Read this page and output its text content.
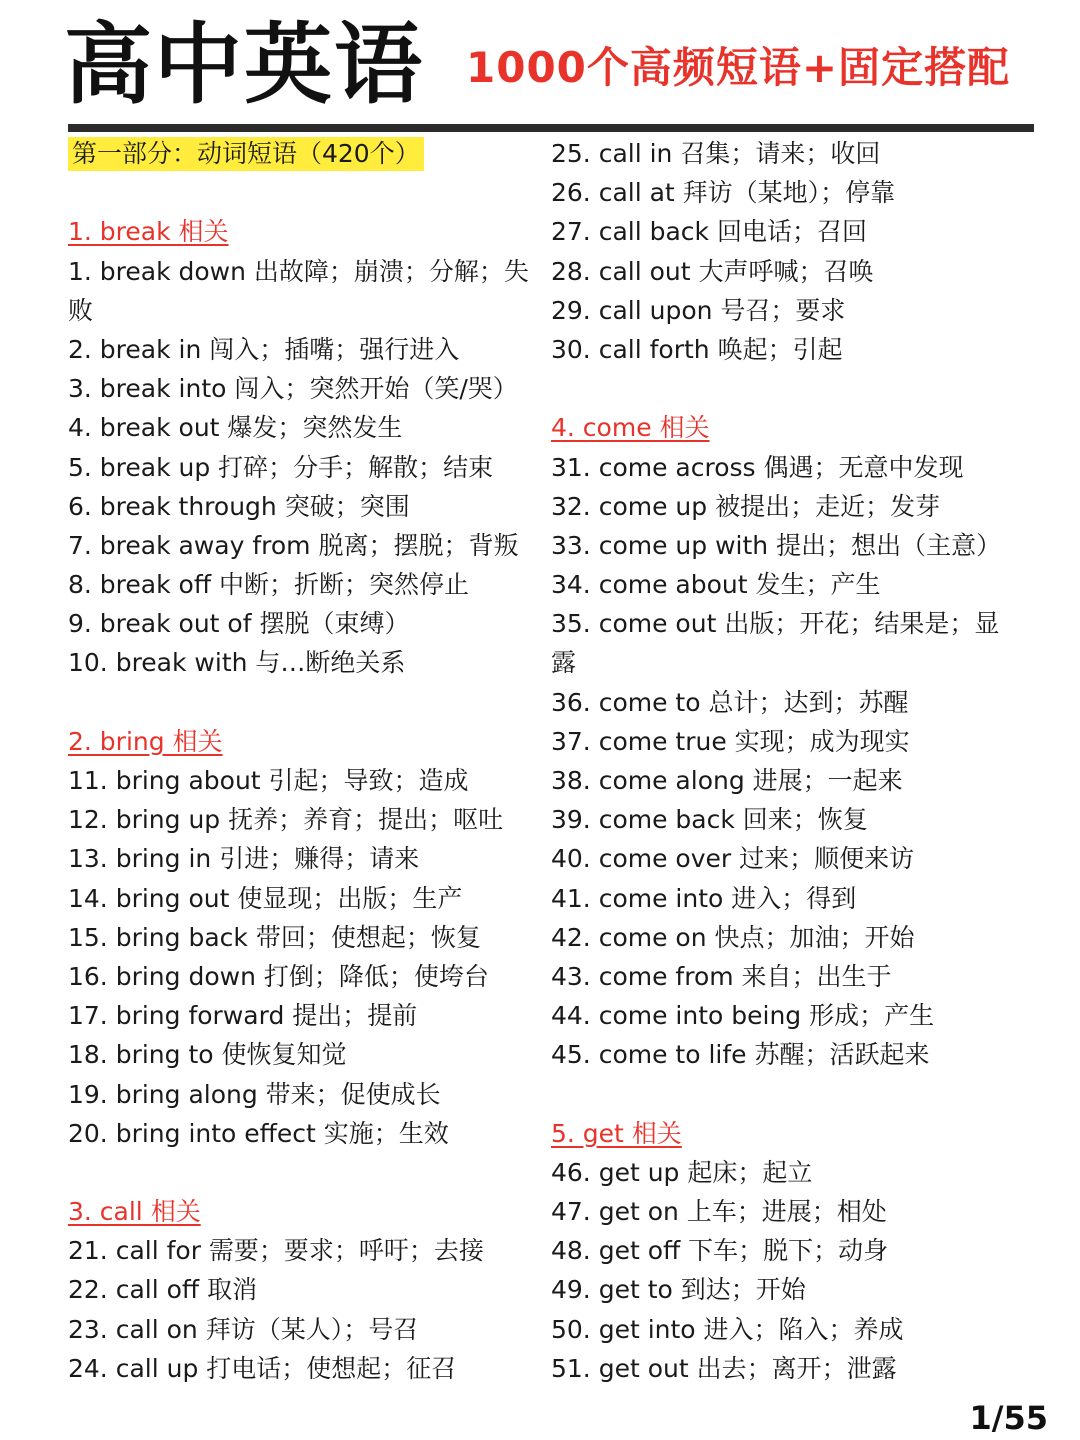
高中英语 1000个高频短语+固定搭配
第一部分：动词短语（420个）
1. break 相关
1. break down 出故障；崩溃；分解；失
败
2. break in 闯入；插嘴；强行进入
3. break into 闯入；突然开始（笑/哭）
4. break out 爆发；突然发生
5. break up 打碎；分手；解散；结束
6. break through 突破；突围
7. break away from 脱离；摆脱；背叛
8. break off 中断；折断；突然停止
9. break out of 摆脱（束缚）
10. break with 与…断绝关系
2. bring 相关
11. bring about 引起；导致；造成
12. bring up 抚养；养育；提出；呕吐
13. bring in 引进；赚得；请来
14. bring out 使显现；出版；生产
15. bring back 带回；使想起；恢复
16. bring down 打倒；降低；使垮台
17. bring forward 提出；提前
18. bring to 使恢复知觉
19. bring along 带来；促使成长
20. bring into effect 实施；生效
3. call 相关
21. call for 需要；要求；呼吁；去接
22. call off 取消
23. call on 拜访（某人）；号召
24. call up 打电话；使想起；征召
25. call in 召集；请来；收回
26. call at 拜访（某地）；停靠
27. call back 回电话；召回
28. call out 大声呼喊；召唤
29. call upon 号召；要求
30. call forth 唤起；引起
4. come 相关
31. come across 偶遇；无意中发现
32. come up 被提出；走近；发芽
33. come up with 提出；想出（主意）
34. come about 发生；产生
35. come out 出版；开花；结果是；显
露
36. come to 总计；达到；苏醒
37. come true 实现；成为现实
38. come along 进展；一起来
39. come back 回来；恢复
40. come over 过来；顺便来访
41. come into 进入；得到
42. come on 快点；加油；开始
43. come from 来自；出生于
44. come into being 形成；产生
45. come to life 苏醒；活跃起来
5. get 相关
46. get up 起床；起立
47. get on 上车；进展；相处
48. get off 下车；脱下；动身
49. get to 到达；开始
50. get into 进入；陷入；养成
51. get out 出去；离开；泄露
1/55
